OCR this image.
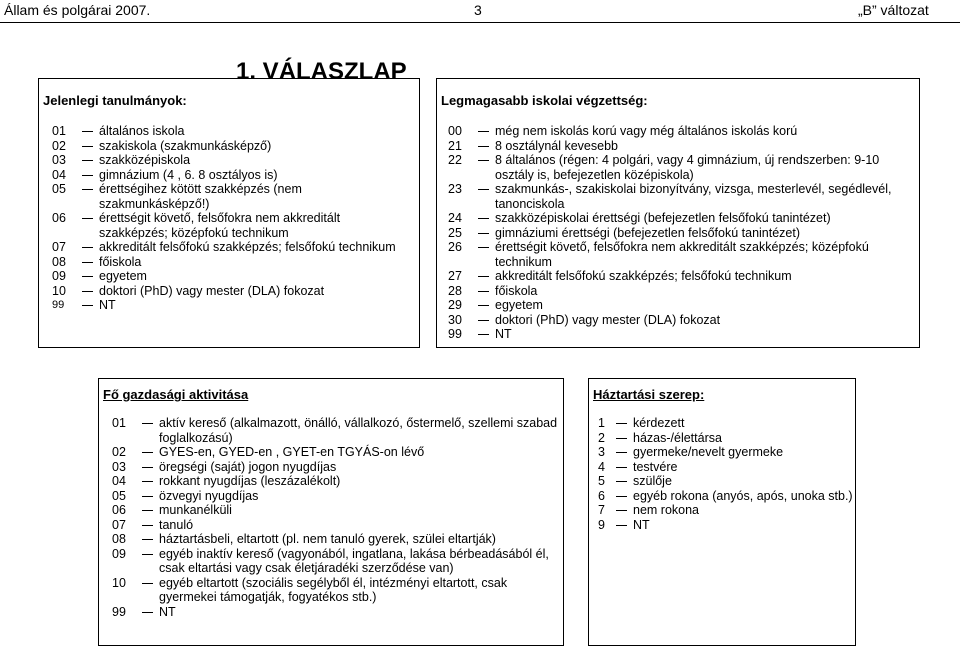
Állam és polgárai 2007.	3	„B” változat
1. VÁLASZLAP
Jelenlegi tanulmányok:
01	általános iskola
02	szakiskola (szakmunkásképző)
03	szakközépiskola
04	gimnázium (4 , 6. 8 osztályos is)
05	érettségihez kötött szakképzés (nem szakmunkásképző!)
06	érettségit követő, felsőfokra nem akkreditált szakképzés; középfokú technikum
07	akkreditált felsőfokú szakképzés; felsőfokú technikum
08	főiskola
09	egyetem
10	doktori (PhD) vagy mester (DLA) fokozat
99	NT
Legmagasabb iskolai végzettség:
00	még nem iskolás korú vagy még általános iskolás korú
21	8 osztálynál kevesebb
22	8 általános (régen: 4 polgári, vagy 4 gimnázium, új rendszerben: 9-10 osztály is, befejezetlen középiskola)
23	szakmunkás-, szakiskolai bizonyítvány, vizsga, mesterlevél, segédlevél, tanonciskola
24	szakközépiskolai érettségi (befejezetlen felsőfokú tanintézet)
25	gimnáziumi érettségi (befejezetlen felsőfokú tanintézet)
26	érettségit követő, felsőfokra nem akkreditált szakképzés; középfokú technikum
27	akkreditált felsőfokú szakképzés; felsőfokú technikum
28	főiskola
29	egyetem
30	doktori (PhD) vagy mester (DLA) fokozat
99	NT
Fő gazdasági aktivitása
01	aktív kereső (alkalmazott, önálló, vállalkozó, őstermelő, szellemi szabad foglalkozású)
02	GYES-en, GYED-en , GYET-en TGYÁS-on lévő
03	öregségi (saját) jogon nyugdíjas
04	rokkant nyugdíjas (leszázalékolt)
05	özvegyi nyugdíjas
06	munkanélküli
07	tanuló
08	háztartásbeli, eltartott (pl. nem tanuló gyerek, szülei eltartják)
09	egyéb inaktív kereső (vagyonából, ingatlana, lakása bérbeadásából él, csak eltartási vagy csak életjáradéki szerződése van)
10	egyéb eltartott (szociális segélyből él, intézményi eltartott, csak gyermekei támogatják, fogyatékos stb.)
99	NT
Háztartási szerep:
1	kérdezett
2	házas-/élettársa
3	gyermeke/nevelt gyermeke
4	testvére
5	szülője
6	egyéb rokona (anyós, após, unoka stb.)
7	nem rokona
9	NT
